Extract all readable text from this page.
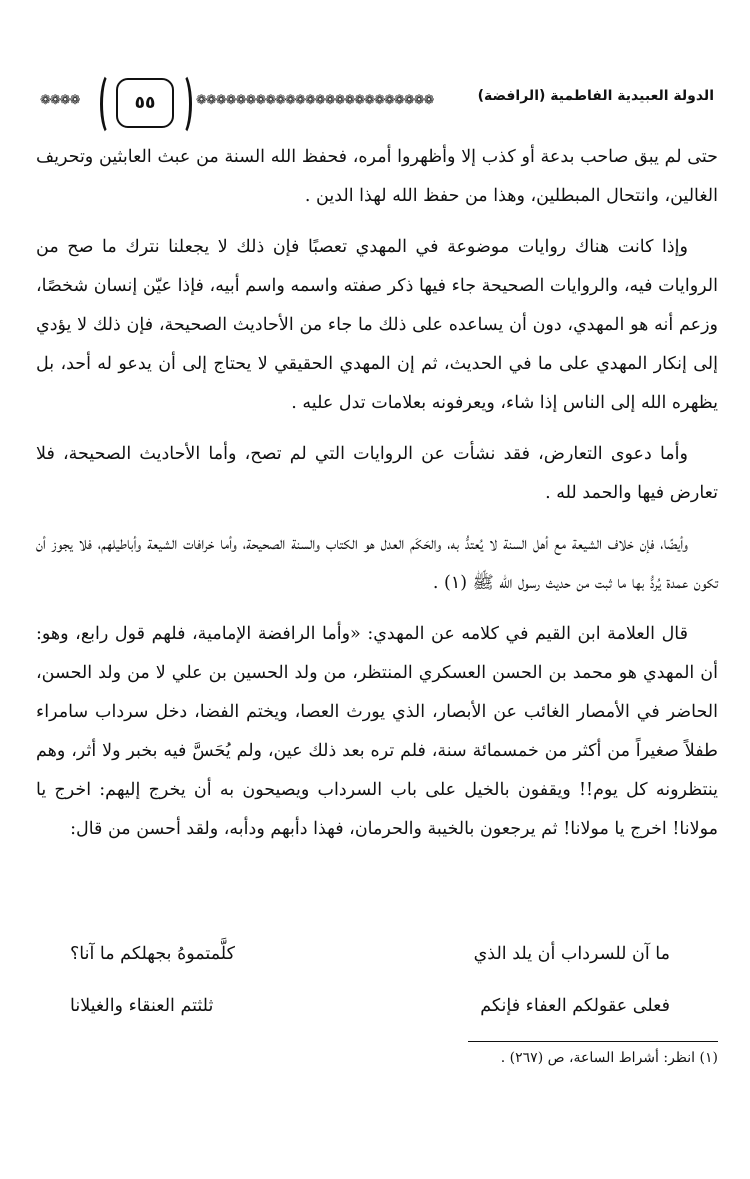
❁❁❁❁	٥٥	❁❁❁❁❁❁❁❁❁❁❁❁❁❁❁❁❁❁❁❁❁❁❁❁	الدولة العبيدية الفاطمية (الرافضة)

حتى لم يبق صاحب بدعة أو كذب إلا وأظهروا أمره، فحفظ الله السنة من عبث العابثين وتحريف الغالين، وانتحال المبطلين، وهذا من حفظ الله لهذا الدين .

وإذا كانت هناك روايات موضوعة في المهدي تعصبًا فإن ذلك لا يجعلنا نترك ما صح من الروايات فيه، والروايات الصحيحة جاء فيها ذكر صفته واسمه واسم أبيه، فإذا عيّن إنسان شخصًا، وزعم أنه هو المهدي، دون أن يساعده على ذلك ما جاء من الأحاديث الصحيحة، فإن ذلك لا يؤدي إلى إنكار المهدي على ما في الحديث، ثم إن المهدي الحقيقي لا يحتاج إلى أن يدعو له أحد، بل يظهره الله إلى الناس إذا شاء، ويعرفونه بعلامات تدل عليه .

وأما دعوى التعارض، فقد نشأت عن الروايات التي لم تصح، وأما الأحاديث الصحيحة، فلا تعارض فيها والحمد لله .

وأيضًا، فإن خلاف الشيعة مع أهل السنة لا يُعتدُّ به، والحَكَم العدل هو الكتاب والسنة الصحيحة، وأما خرافات الشيعة وأباطيلهم، فلا يجوز أن تكون عمدة يُردُّ بها ما ثبت من حديث رسول الله ﷺ (١) .

قال العلامة ابن القيم في كلامه عن المهدي: «وأما الرافضة الإمامية، فلهم قول رابع، وهو: أن المهدي هو محمد بن الحسن العسكري المنتظر، من ولد الحسين بن علي لا من ولد الحسن، الحاضر في الأمصار الغائب عن الأبصار، الذي يورث العصا، ويختم الفضا، دخل سرداب سامراء طفلاً صغيراً من أكثر من خمسمائة سنة، فلم تره بعد ذلك عين، ولم يُحَسَّ فيه بخبر ولا أثر، وهم ينتظرونه كل يوم!! ويقفون بالخيل على باب السرداب ويصيحون به أن يخرج إليهم: اخرج يا مولانا! اخرج يا مولانا! ثم يرجعون بالخيبة والحرمان، فهذا دأبهم ودأبه، ولقد أحسن من قال:

ما آن للسرداب أن يلد الذي
كلَّمتموهُ بجهلكم ما آنا؟
فعلى عقولكم العفاء فإنكم
ثلثتم العنقاء والغيلانا
(١) انظر: أشراط الساعة، ص (٢٦٧) .
